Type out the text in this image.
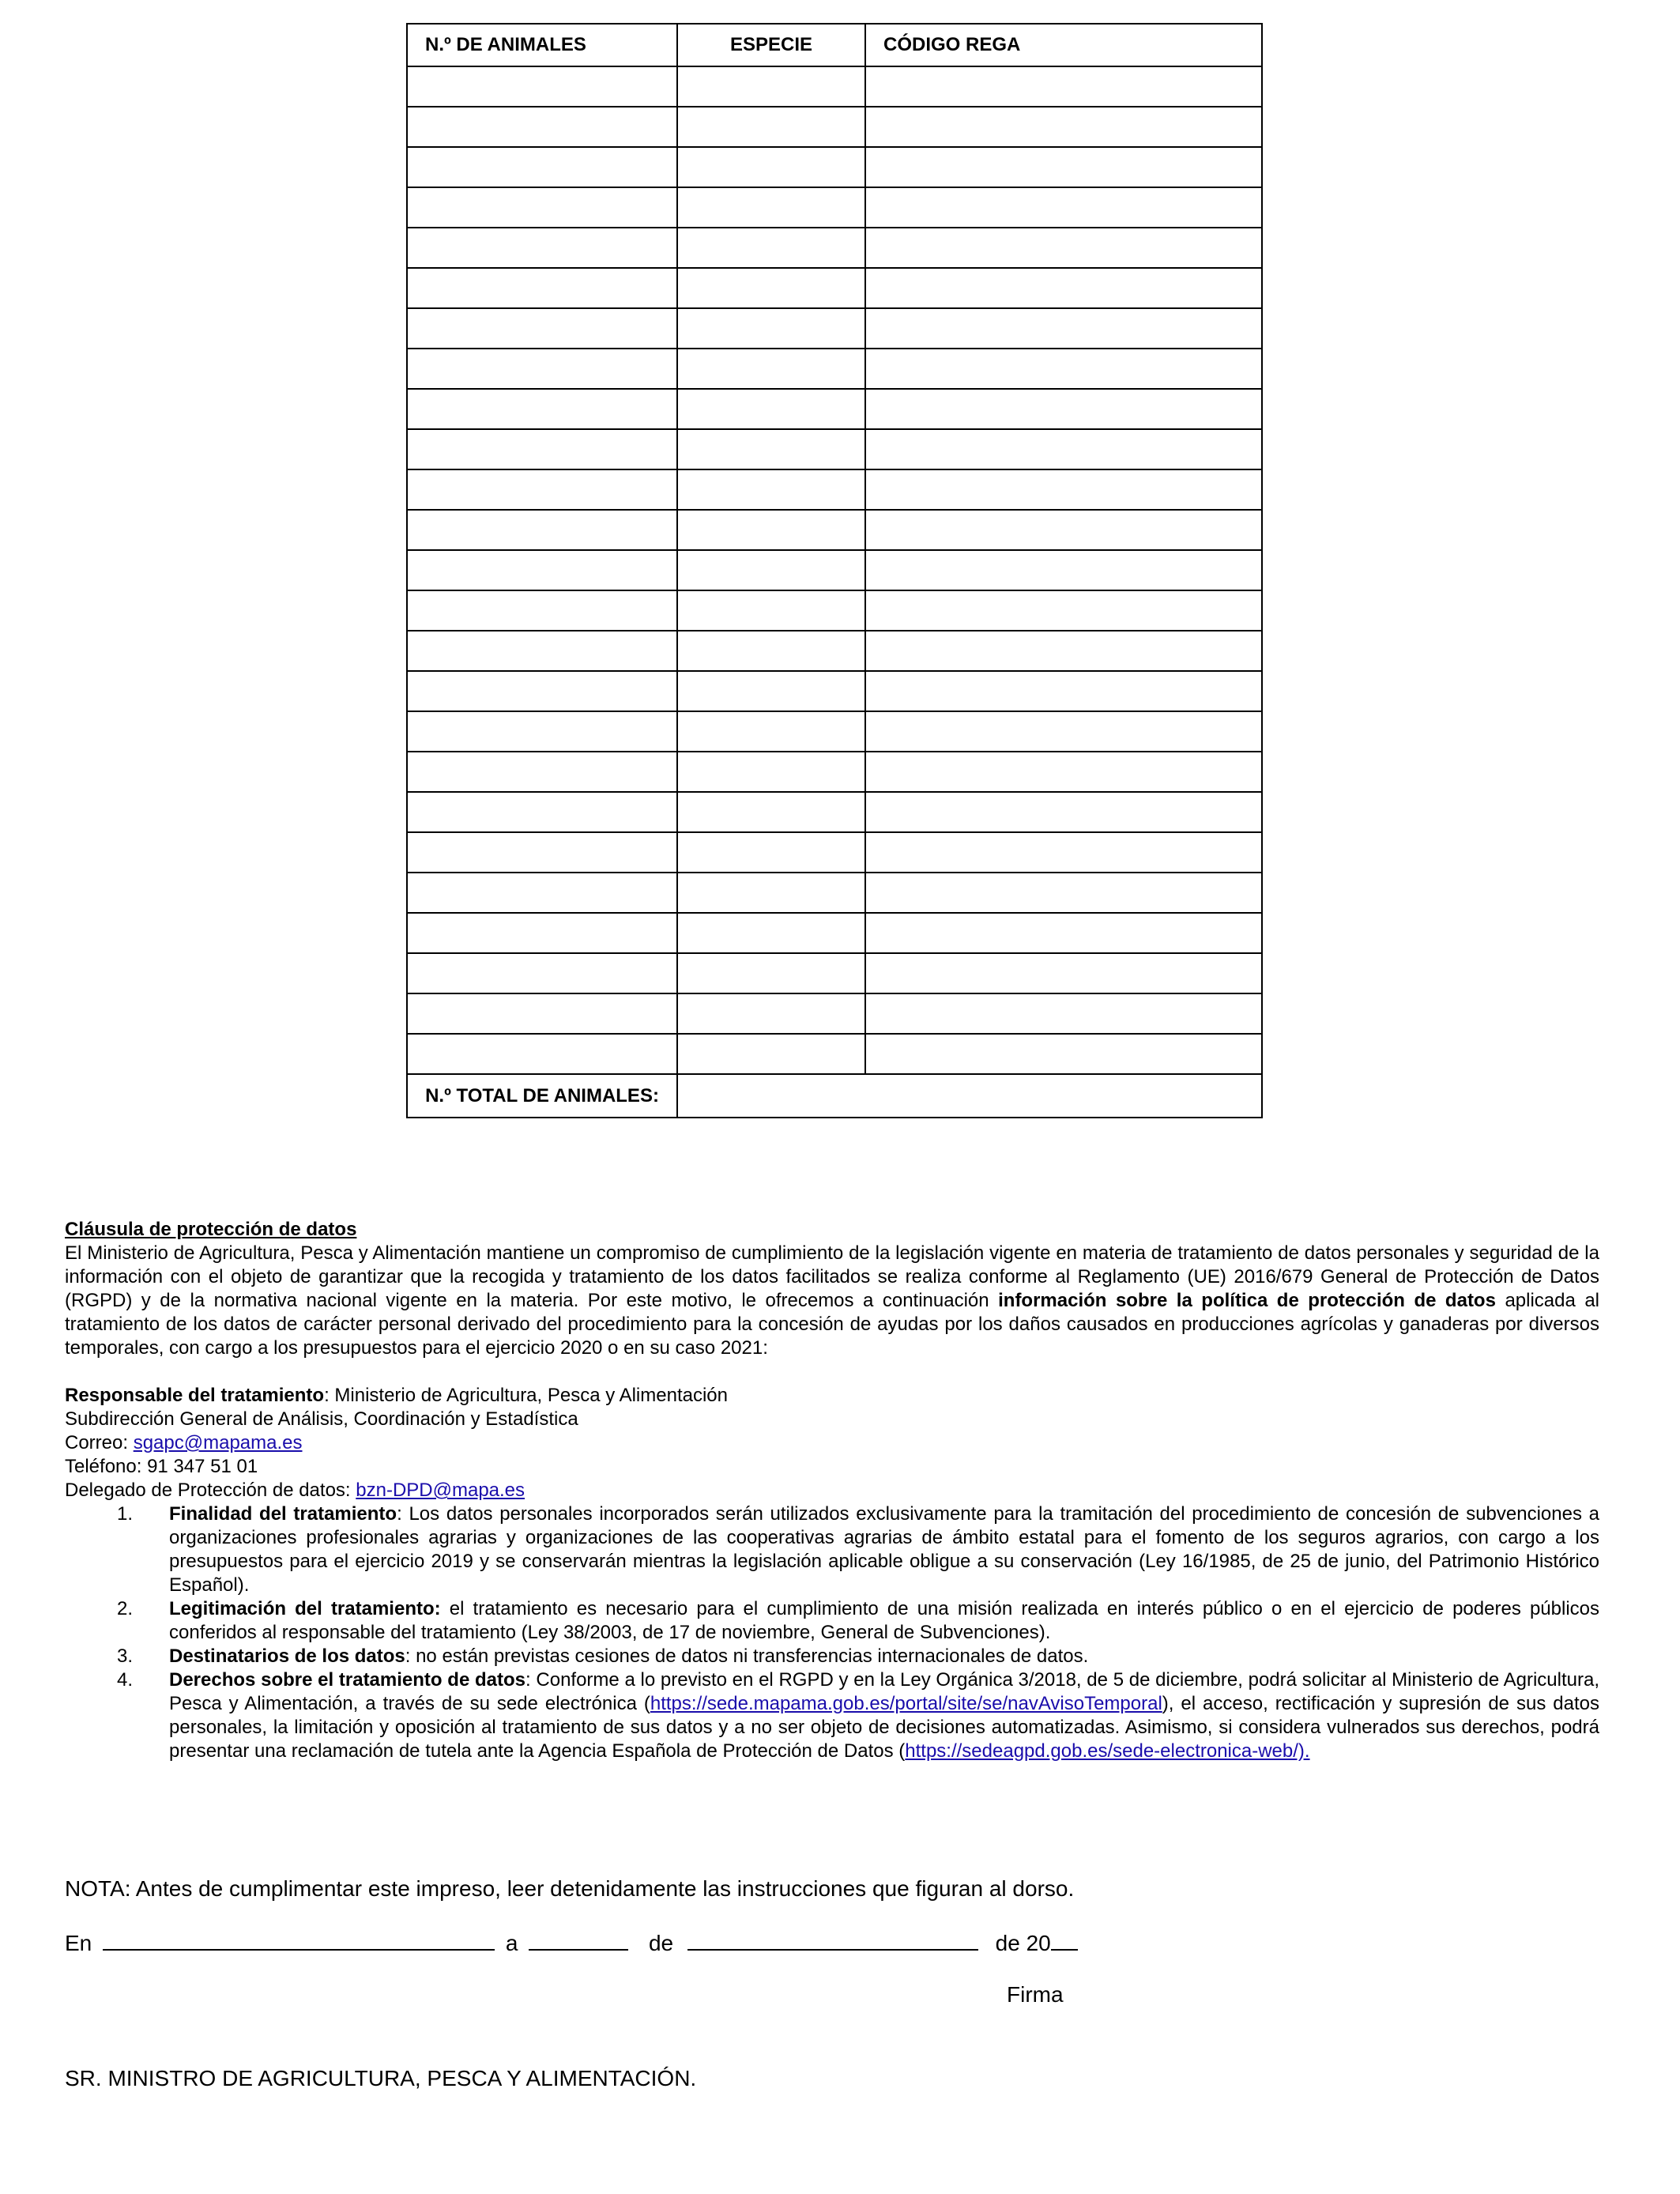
N.º DE ANIMALES	ESPECIE	CÓDIGO REGA

N.º TOTAL DE ANIMALES:		

Cláusula de protección de datos

El Ministerio de Agricultura, Pesca y Alimentación mantiene un compromiso de cumplimiento de la legislación vigente en materia de tratamiento de datos personales y seguridad de la información con el objeto de garantizar que la recogida y tratamiento de los datos facilitados se realiza conforme al Reglamento (UE) 2016/679 General de Protección de Datos (RGPD) y de la normativa nacional vigente en la materia. Por este motivo, le ofrecemos a continuación información sobre la política de protección de datos aplicada al tratamiento de los datos de carácter personal derivado del procedimiento para la concesión de ayudas por los daños causados en producciones agrícolas y ganaderas por diversos temporales, con cargo a los presupuestos para el ejercicio 2020 o en su caso 2021:

Responsable del tratamiento: Ministerio de Agricultura, Pesca y Alimentación

Subdirección General de Análisis, Coordinación y Estadística

Correo: sgapc@mapama.es

Teléfono: 91 347 51 01

Delegado de Protección de datos: bzn-DPD@mapa.es

1. Finalidad del tratamiento: Los datos personales incorporados serán utilizados exclusivamente para la tramitación del procedimiento de concesión de subvenciones a organizaciones profesionales agrarias y organizaciones de las cooperativas agrarias de ámbito estatal para el fomento de los seguros agrarios, con cargo a los presupuestos para el ejercicio 2019 y se conservarán mientras la legislación aplicable obligue a su conservación (Ley 16/1985, de 25 de junio, del Patrimonio Histórico Español).
2. Legitimación del tratamiento: el tratamiento es necesario para el cumplimiento de una misión realizada en interés público o en el ejercicio de poderes públicos conferidos al responsable del tratamiento (Ley 38/2003, de 17 de noviembre, General de Subvenciones).
3. Destinatarios de los datos: no están previstas cesiones de datos ni transferencias internacionales de datos.
4. Derechos sobre el tratamiento de datos: Conforme a lo previsto en el RGPD y en la Ley Orgánica 3/2018, de 5 de diciembre, podrá solicitar al Ministerio de Agricultura, Pesca y Alimentación, a través de su sede electrónica (https://sede.mapama.gob.es/portal/site/se/navAvisoTemporal), el acceso, rectificación y supresión de sus datos personales, la limitación y oposición al tratamiento de sus datos y a no ser objeto de decisiones automatizadas. Asimismo, si considera vulnerados sus derechos, podrá presentar una reclamación de tutela ante la Agencia Española de Protección de Datos (https://sedeagpd.gob.es/sede-electronica-web/).
NOTA: Antes de cumplimentar este impreso, leer detenidamente las instrucciones que figuran al dorso.
En	a	de	de 20
Firma
SR. MINISTRO DE AGRICULTURA, PESCA Y ALIMENTACIÓN.
